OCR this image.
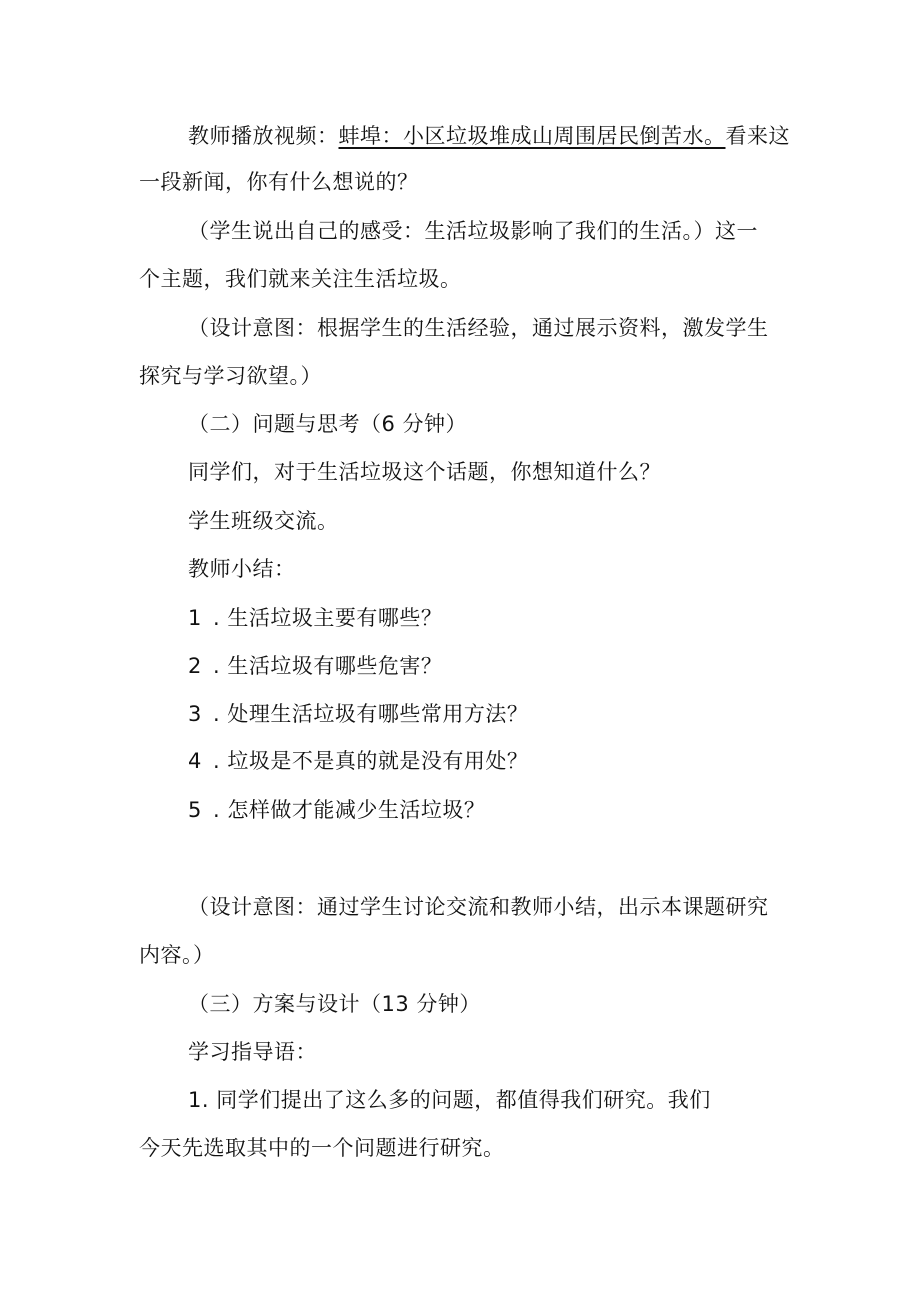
教师播放视频：蚌埠：小区垃圾堆成山周围居民倒苦水。看来这
一段新闻，你有什么想说的？
（学生说出自己的感受：生活垃圾影响了我们的生活。）这一
个主题，我们就来关注生活垃圾。
（设计意图：根据学生的生活经验，通过展示资料，激发学生
探究与学习欲望。）
（二）问题与思考（6 分钟）
同学们，对于生活垃圾这个话题，你想知道什么？
学生班级交流。
教师小结：
1 . 生活垃圾主要有哪些？
2 . 生活垃圾有哪些危害？
3 . 处理生活垃圾有哪些常用方法？
4 . 垃圾是不是真的就是没有用处？
5 . 怎样做才能减少生活垃圾？
（设计意图：通过学生讨论交流和教师小结，出示本课题研究
内容。）
（三）方案与设计（13 分钟）
学习指导语：
1. 同学们提出了这么多的问题，都值得我们研究。我们
今天先选取其中的一个问题进行研究。
